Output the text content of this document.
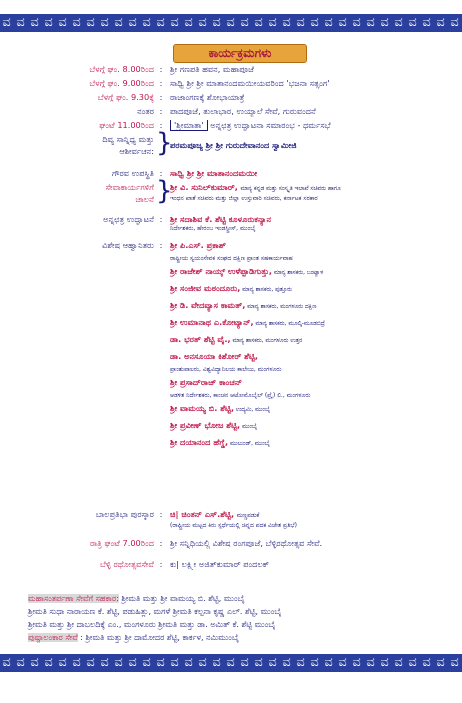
ವ ವ ವ ವ ವ ವ ವ ವ ವ ವ ವ ವ ವ ವ ವ ವ ವ ವ ವ ವ ವ ವ ವ ವ ವ ವ ವ ವ ವ ವ ವ ವ ವ
ಕಾರ್ಯಕ್ರಮಗಳು
ಬೆಳಗ್ಗೆ ಘಂ. 8.00ರಿಂದ : ಶ್ರೀ ಗಣಪತಿ ಹವನ, ಮಹಾಪೂಜೆ
ಬೆಳಗ್ಗೆ ಘಂ. 9.00ರಿಂದ : ಸಾಧ್ವಿ ಶ್ರೀ ಶ್ರೀ ಮಾತಾನಂದಮಯೀಯವರಿಂದ 'ಭಜನಾ ಸತ್ಸಂಗ'
ಬೆಳಗ್ಗೆ ಘಂ. 9.30ಕ್ಕೆ : ರಾಜಾಂಗಣಕ್ಕೆ ಶೋಭಾಯಾತ್ರೆ
ನಂತರ : ಪಾದಪೂಜೆ, ತುಲಾಭಾರ, ಉಯ್ಯಾಲೆ ಸೇವೆ, ಗುರುವಂದನೆ
ಘಂಟೆ 11.00ರಿಂದ :	'ಶ್ರೀಮಾತಾ' ಅನ್ನಛತ್ರ ಉದ್ಘಾಟನಾ ಸಮಾರಂಭ - ಧರ್ಮಸಭೆ
ದಿವ್ಯ ಸಾನ್ನಿಧ್ಯ ಮತ್ತು
ಆಶೀರ್ವಚನ: }
ಪರಮಪೂಜ್ಯ ಶ್ರೀ ಶ್ರೀ ಗುರುದೇವಾನಂದ ಸ್ವಾಮೀಜಿ
ಗೌರವ ಉಪಸ್ಥಿತಿ : ಸಾಧ್ವಿ ಶ್ರೀ ಶ್ರೀ ಮಾತಾನಂದಮಯೀ
ಸೇವಾಕಾರ್ಯಗಳಿಗೆ
ಚಾಲನೆ }
ಶ್ರೀ ವಿ. ಸುನಿಲ್‌ಕುಮಾರ್, ಮಾನ್ಯ ಕನ್ನಡ ಮತ್ತು ಸಂಸ್ಕೃತಿ ಇಲಾಖೆ ಸಚಿವರು ಹಾಗೂ
ಇಂಧನ ಖಾತೆ ಸಚಿವರು ಮತ್ತು ಜಿಲ್ಲಾ ಉಸ್ತುವಾರಿ ಸಚಿವರು, ಕರ್ನಾಟಕ ಸರಕಾರ
ಅನ್ನಛತ್ರ ಉದ್ಘಾಟನೆ : ಶ್ರೀ ಸದಾಶಿವ ಕೆ. ಶೆಟ್ಟಿ ಕೂಳೂರುಕನ್ಯಾನ
ನಿರ್ದೇಶಕರು, ಹೇರಂಬ ಇಂಡಸ್ಟ್ರೀಸ್, ಮುಂಬೈ
ವಿಶೇಷ ಆಹ್ವಾನಿತರು : ಶ್ರೀ ಪಿ.ಎಸ್. ಪ್ರಕಾಶ್
ರಾಷ್ಟ್ರೀಯ ಸ್ವಯಂಸೇವಕ ಸಂಘದ ದಕ್ಷಿಣ ಪ್ರಾಂತ ಸಹಕಾರ್ಯವಾಹ
ಶ್ರೀ ರಾಜೇಶ್ ನಾಯ್ಕ್ ಉಳೆಪ್ಪಾಡಿಗುತ್ತು, ಮಾನ್ಯ ಶಾಸಕರು, ಬಂಟ್ವಾಳ
ಶ್ರೀ ಸಂಜೀವ ಮಠಂದೂರು, ಮಾನ್ಯ ಶಾಸಕರು, ಪುತ್ತೂರು
ಶ್ರೀ ಡಿ. ವೇದವ್ಯಾಸ ಕಾಮತ್, ಮಾನ್ಯ ಶಾಸಕರು, ಮಂಗಳೂರು ದಕ್ಷಿಣ
ಶ್ರೀ ಉಮಾನಾಥ ಎ.ಕೋಟ್ಯಾನ್, ಮಾನ್ಯ ಶಾಸಕರು, ಮೂಲ್ಕಿ-ಮೂಡಬಿದ್ರೆ
ಡಾ. ಭರತ್ ಶೆಟ್ಟಿ ವೈ., ಮಾನ್ಯ ಶಾಸಕರು, ಮಂಗಳೂರು ಉತ್ತರ
ಡಾ. ಅನಸೂಯಾ ಕಿಶೋರ್ ಶೆಟ್ಟಿ,
ಪ್ರಾಂಶುಪಾಲರು, ವಿಶ್ವವಿದ್ಯಾನಿಲಯ ಕಾಲೇಜು, ಮಂಗಳೂರು
ಶ್ರೀ ಪ್ರಸಾದ್‌ರಾಜ್ ಕಾಂಚನ್
ಆಡಳಿತ ನಿರ್ದೇಶಕರು, ಕಾಂಚನ ಆಟೋಮೊಬೈಲ್ (ಪ್ರೈ) ಲಿ., ಮಂಗಳೂರು
ಶ್ರೀ ವಾಮಯ್ಯ ಬಿ. ಶೆಟ್ಟಿ, ಉದ್ಯಮಿ, ಮುಂಬೈ
ಶ್ರೀ ಪ್ರವೀಣ್ ಭೋಜ ಶೆಟ್ಟಿ, ಮುಂಬೈ
ಶ್ರೀ ದಯಾನಂದ ಹೆಗ್ಡೆ, ಮುಲುಂಡ್, ಮುಂಬೈ
ಬಾಲಪ್ರತಿಭಾ ಪುರಸ್ಕಾರ : ಚಿ| ಚಿಂತನ್ ಎಸ್.ಶೆಟ್ಟಿ, ಮಣ್ಣಪಡುಕೆ
(ರಾಷ್ಟ್ರೀಯ ಮಟ್ಟದ ಕಿರು ಸ್ಪರ್ಧೆಯಲ್ಲಿ ಚಿನ್ನದ ಪದಕ ವಿಜೇತ ಪ್ರತಿಭೆ)
ರಾತ್ರಿ ಘಂಟೆ 7.00ರಿಂದ : ಶ್ರೀ ಸನ್ನಿಧಿಯಲ್ಲಿ ವಿಶೇಷ ರಂಗಪೂಜೆ, ಬೆಳ್ಳಿರಥೋತ್ಸವ ಸೇವೆ.
ಬೆಳ್ಳಿ ರಥೋತ್ಸವಸೇವೆ : ಕು| ಲಕ್ಷ್ಮೀ ಅಜಿತ್‌ಕುಮಾರ್ ಪಂದಲಕ್
ಮಹಾಸಂತರ್ಪಣಾ ಸೇವೆಗೆ ಸಹಕಾರ: ಶ್ರೀಮತಿ ಮತ್ತು ಶ್ರೀ ವಾಮಯ್ಯ ಬಿ. ಶೆಟ್ಟಿ, ಮುಂಬೈ
ಶ್ರೀಮತಿ ಸುಧಾ ನಾರಾಯಣ ಕೆ. ಶೆಟ್ಟಿ, ಪಡುಹಿತ್ಲು, ಮಗಳೆ ಶ್ರೀಮತಿ ಕಲ್ಪನಾ ಕೃಷ್ಣ ಎಲ್. ಶೆಟ್ಟಿ, ಮುಂಬೈ
ಶ್ರೀಮತಿ ಮತ್ತು ಶ್ರೀ ದಾಬಲದಿಕ್ಕೆ ಎಂ., ಮಂಗಳೂರು ಶ್ರೀಮತಿ ಮತ್ತು ಡಾ. ಅಮಿತ್ ಕೆ. ಶೆಟ್ಟಿ ಮುಂಬೈ
ಪುಷ್ಪಾಲಂಕಾರ ಸೇವೆ : ಶ್ರೀಮತಿ ಮತ್ತು ಶ್ರೀ ದಾಮೋದರ ಶೆಟ್ಟಿ, ಕಾರ್ಕಳ, ನಮಿಮುಂಬೈ
ವ ವ ವ ವ ವ ವ ವ ವ ವ ವ ವ ವ ವ ವ ವ ವ ವ ವ ವ ವ ವ ವ ವ ವ ವ ವ ವ ವ ವ ವ ವ ವ ವ
